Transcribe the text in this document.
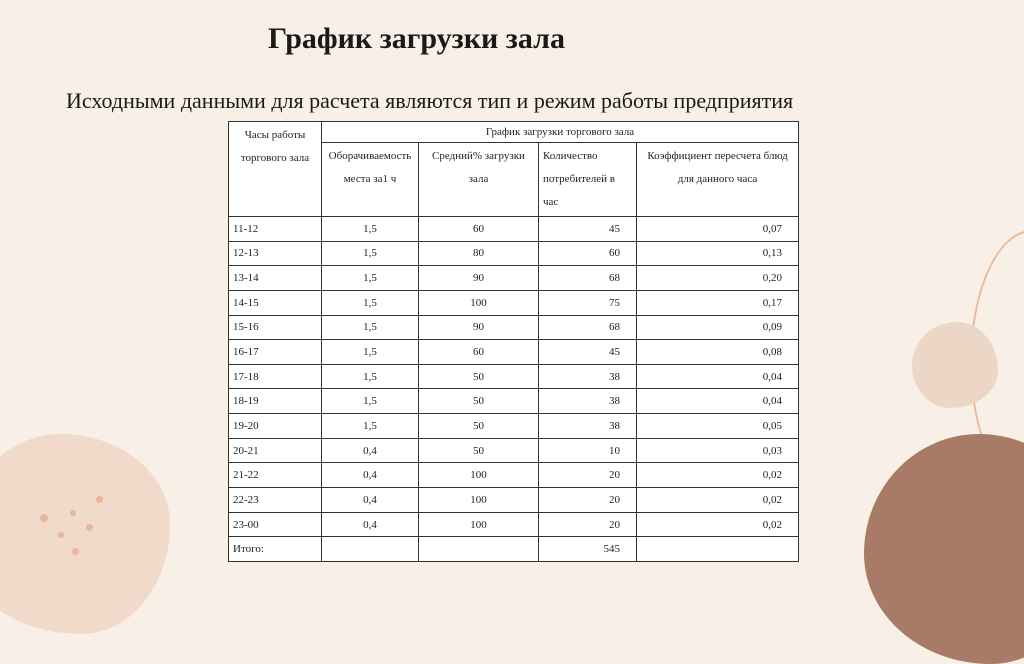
График загрузки зала

Исходными данными для расчета являются тип и режим работы предприятия

Часы работы торгового зала	График загрузки торгового зала			
	Оборачиваемость места за1 ч	Средний% загрузки зала	Количество потребителей в час	Коэффициент пересчета блюд для данного часа
11-12	1,5	60	45	0,07
12-13	1,5	80	60	0,13
13-14	1,5	90	68	0,20
14-15	1,5	100	75	0,17
15-16	1,5	90	68	0,09
16-17	1,5	60	45	0,08
17-18	1,5	50	38	0,04
18-19	1,5	50	38	0,04
19-20	1,5	50	38	0,05
20-21	0,4	50	10	0,03
21-22	0,4	100	20	0,02
22-23	0,4	100	20	0,02
23-00	0,4	100	20	0,02
Итого:			545	
